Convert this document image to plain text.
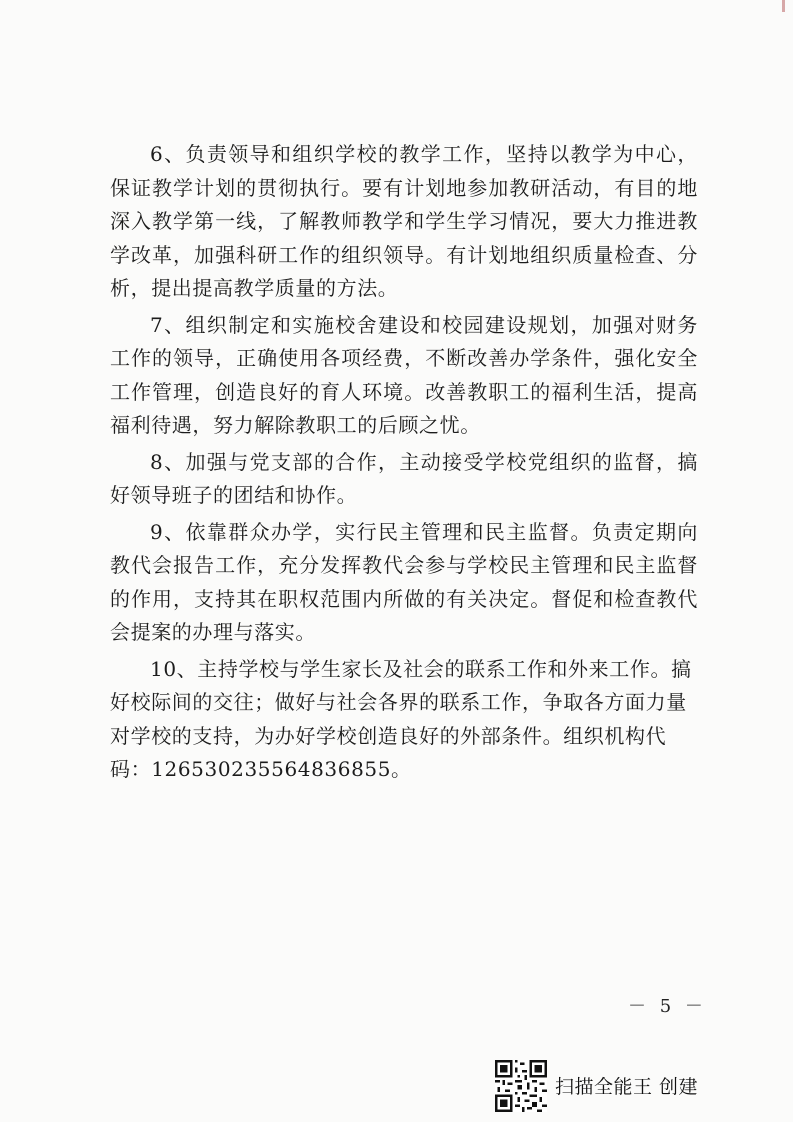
6、负责领导和组织学校的教学工作，坚持以教学为中心，保证教学计划的贯彻执行。要有计划地参加教研活动，有目的地深入教学第一线，了解教师教学和学生学习情况，要大力推进教学改革，加强科研工作的组织领导。有计划地组织质量检查、分析，提出提高教学质量的方法。

7、组织制定和实施校舍建设和校园建设规划，加强对财务工作的领导，正确使用各项经费，不断改善办学条件，强化安全工作管理，创造良好的育人环境。改善教职工的福利生活，提高福利待遇，努力解除教职工的后顾之忧。

8、加强与党支部的合作，主动接受学校党组织的监督，搞好领导班子的团结和协作。

9、依靠群众办学，实行民主管理和民主监督。负责定期向教代会报告工作，充分发挥教代会参与学校民主管理和民主监督的作用，支持其在职权范围内所做的有关决定。督促和检查教代会提案的办理与落实。

10、主持学校与学生家长及社会的联系工作和外来工作。搞好校际间的交往；做好与社会各界的联系工作，争取各方面力量对学校的支持，为办好学校创造良好的外部条件。组织机构代码：126530235564836855。

－ 5 －
扫描全能王 创建
